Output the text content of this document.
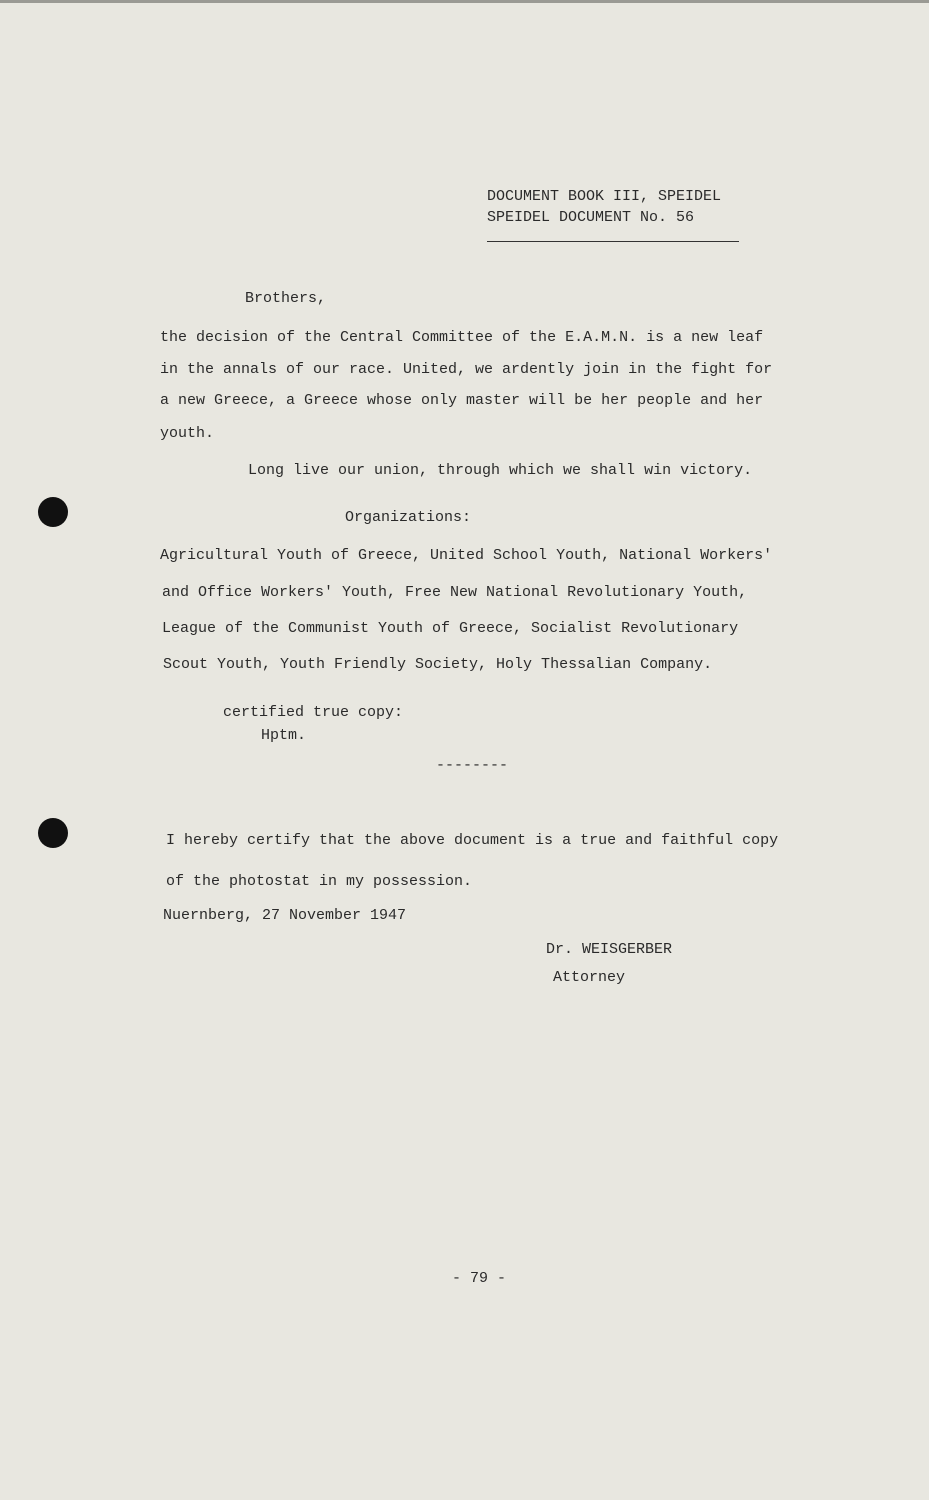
DOCUMENT BOOK III, SPEIDEL
SPEIDEL DOCUMENT No. 56
Brothers,
the decision of the Central Committee of the E.A.M.N. is a new leaf
in the annals of our race. United, we ardently join in the fight for
a new Greece, a Greece whose only master will be her people and her
youth.
Long live our union, through which we shall win victory.
Organizations:
Agricultural Youth of Greece, United School Youth, National Workers'
and Office Workers' Youth, Free New National Revolutionary Youth,
League of the Communist Youth of Greece, Socialist Revolutionary
Scout Youth, Youth Friendly Society, Holy Thessalian Company.
certified true copy:
Hptm.
--------
I hereby certify that the above document is a true and faithful copy
of the photostat in my possession.
Nuernberg, 27 November 1947
Dr. WEISGERBER
Attorney
- 79 -
